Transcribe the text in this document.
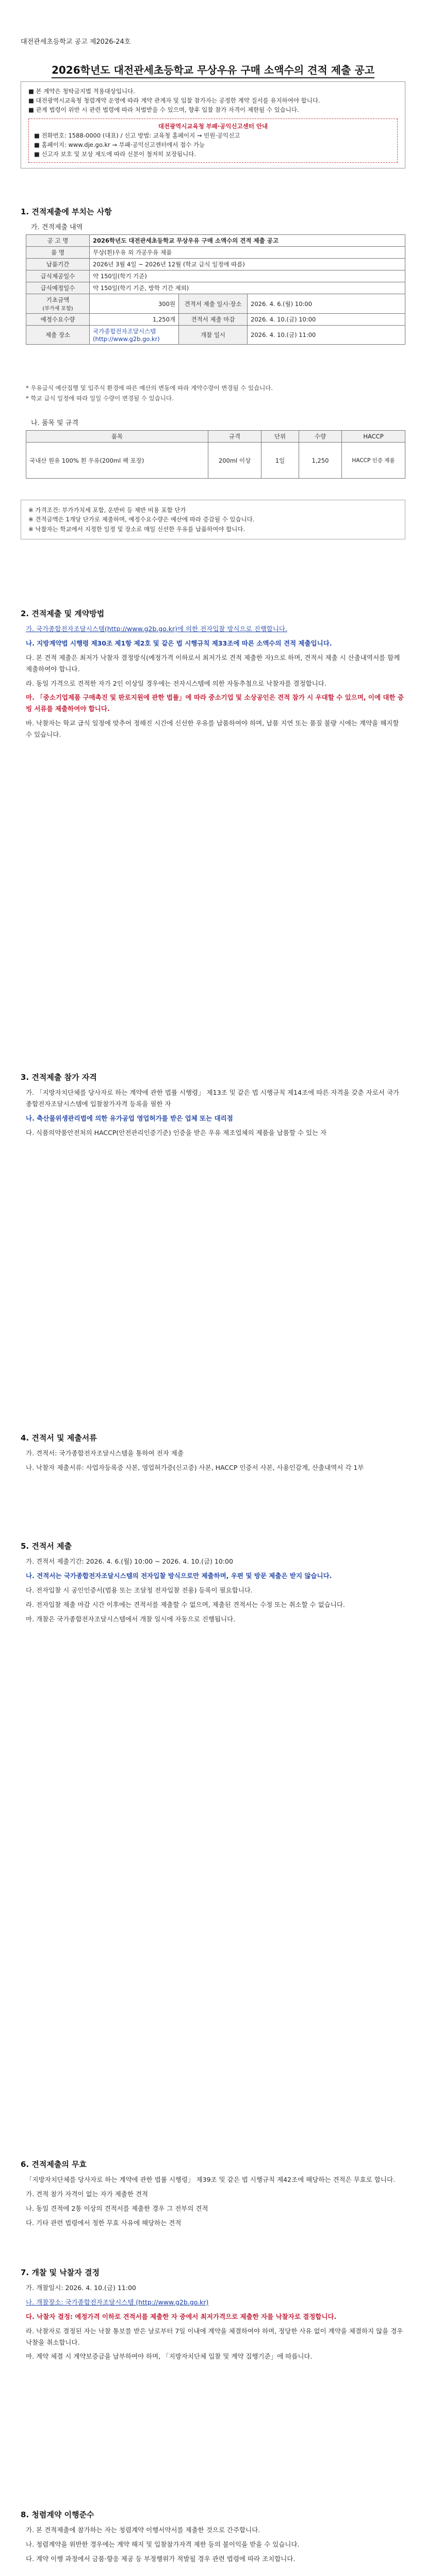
대전관세초등학교 공고 제2026-24호
2026학년도 대전관세초등학교 무상우유 구매 소액수의 견적 제출 공고
■ 본 계약은 청탁금지법 적용대상입니다.
■ 대전광역시교육청 청렴계약 운영에 따라 계약 관계자 및 입찰 참가자는 공정한 계약 질서를 유지하여야 합니다.
■ 관계 법령이 위반 시 관련 법령에 따라 처벌받을 수 있으며, 향후 입찰 참가 자격이 제한될 수 있습니다.
대전광역시교육청 부패·공익신고센터 안내
■ 전화번호: 1588-0000 (대표) / 신고 방법: 교육청 홈페이지 → 민원·공익신고
■ 홈페이지: www.dje.go.kr → 부패·공익신고센터에서 접수 가능
■ 신고자 보호 및 보상 제도에 따라 신분이 철저히 보장됩니다.
1. 견적제출에 부치는 사항
가. 견적제출 내역
공 고 명	2026학년도 대전관세초등학교 무상우유 구매 소액수의 견적 제출 공고		
품 명	무상(흰)우유 외 가공우유 제품		
납품기간	2026년 3월 4일 ~ 2026년 12월 (학교 급식 일정에 따름)		
급식제공일수	약 150일(학기 기준)		
급식예정일수	약 150일(학기 기준, 방학 기간 제외)		
기초금액
(부가세 포함)	300원	견적서 제출 일시·장소	2026. 4. 6.(월) 10:00
예정수요수량	1,250개	견적서 제출 마감	2026. 4. 10.(금) 10:00
제출 장소	국가종합전자조달시스템 (http://www.g2b.go.kr)	개찰 일시	2026. 4. 10.(금) 11:00
* 우유급식 예산집행 및 입주식 환경에 따른 예산의 변동에 따라 계약수량이 변경될 수 있습니다.
* 학교 급식 일정에 따라 일일 수량이 변경될 수 있습니다.
나. 품목 및 규격
품목	규격	단위	수량	HACCP
국내산 원유 100% 흰 우유(200ml 팩 포장)	200ml 이상	1일	1,250	HACCP 인증 제품
※ 가격조건: 부가가치세 포함, 운반비 등 제반 비용 포함 단가
※ 견적금액은 1개당 단가로 제출하며, 예정수요수량은 예산에 따라 증감될 수 있습니다.
※ 낙찰자는 학교에서 지정한 일정 및 장소로 매일 신선한 우유를 납품하여야 합니다.
2. 견적제출 및 계약방법

가. 국가종합전자조달시스템(http://www.g2b.go.kr)에 의한 전자입찰 방식으로 진행합니다.

나. 지방계약법 시행령 제30조 제1항 제2호 및 같은 법 시행규칙 제33조에 따른 소액수의 견적 제출입니다.

다. 본 견적 제출은 최저가 낙찰자 결정방식(예정가격 이하로서 최저가로 견적 제출한 자)으로 하며, 견적서 제출 시 산출내역서를 함께 제출하여야 합니다.

라. 동일 가격으로 견적한 자가 2인 이상일 경우에는 전자시스템에 의한 자동추첨으로 낙찰자를 결정합니다.

마. 「중소기업제품 구매촉진 및 판로지원에 관한 법률」에 따라 중소기업 및 소상공인은 견적 참가 시 우대할 수 있으며, 이에 대한 증빙 서류를 제출하여야 합니다.

바. 낙찰자는 학교 급식 일정에 맞추어 정해진 시간에 신선한 우유를 납품하여야 하며, 납품 지연 또는 품질 불량 시에는 계약을 해지할 수 있습니다.

3. 견적제출 참가 자격

가. 「지방자치단체를 당사자로 하는 계약에 관한 법률 시행령」 제13조 및 같은 법 시행규칙 제14조에 따른 자격을 갖춘 자로서 국가종합전자조달시스템에 입찰참가자격 등록을 필한 자

나. 축산물위생관리법에 의한 유가공업 영업허가를 받은 업체 또는 대리점

다. 식품의약품안전처의 HACCP(안전관리인증기준) 인증을 받은 우유 제조업체의 제품을 납품할 수 있는 자

4. 견적서 및 제출서류

가. 견적서: 국가종합전자조달시스템을 통하여 전자 제출

나. 낙찰자 제출서류: 사업자등록증 사본, 영업허가증(신고증) 사본, HACCP 인증서 사본, 사용인감계, 산출내역서 각 1부

5. 견적서 제출

가. 견적서 제출기간: 2026. 4. 6.(월) 10:00 ~ 2026. 4. 10.(금) 10:00

나. 견적서는 국가종합전자조달시스템의 전자입찰 방식으로만 제출하며, 우편 및 방문 제출은 받지 않습니다.

다. 전자입찰 시 공인인증서(범용 또는 조달청 전자입찰 전용) 등록이 필요합니다.

라. 전자입찰 제출 마감 시간 이후에는 견적서를 제출할 수 없으며, 제출된 견적서는 수정 또는 취소할 수 없습니다.

마. 개찰은 국가종합전자조달시스템에서 개찰 일시에 자동으로 진행됩니다.

6. 견적제출의 무효

「지방자치단체를 당사자로 하는 계약에 관한 법률 시행령」 제39조 및 같은 법 시행규칙 제42조에 해당하는 견적은 무효로 합니다.

가. 견적 참가 자격이 없는 자가 제출한 견적

나. 동일 견적에 2통 이상의 견적서를 제출한 경우 그 전부의 견적

다. 기타 관련 법령에서 정한 무효 사유에 해당하는 견적

7. 개찰 및 낙찰자 결정

가. 개찰일시: 2026. 4. 10.(금) 11:00

나. 개찰장소: 국가종합전자조달시스템 (http://www.g2b.go.kr)

다. 낙찰자 결정: 예정가격 이하로 견적서를 제출한 자 중에서 최저가격으로 제출한 자를 낙찰자로 결정합니다.

라. 낙찰자로 결정된 자는 낙찰 통보를 받은 날로부터 7일 이내에 계약을 체결하여야 하며, 정당한 사유 없이 계약을 체결하지 않을 경우 낙찰을 취소합니다.

마. 계약 체결 시 계약보증금을 납부하여야 하며, 「지방자치단체 입찰 및 계약 집행기준」에 따릅니다.

8. 청렴계약 이행준수

가. 본 견적제출에 참가하는 자는 청렴계약 이행서약서를 제출한 것으로 간주합니다.

나. 청렴계약을 위반한 경우에는 계약 해지 및 입찰참가자격 제한 등의 불이익을 받을 수 있습니다.

다. 계약 이행 과정에서 금품·향응 제공 등 부정행위가 적발될 경우 관련 법령에 따라 조치합니다.
